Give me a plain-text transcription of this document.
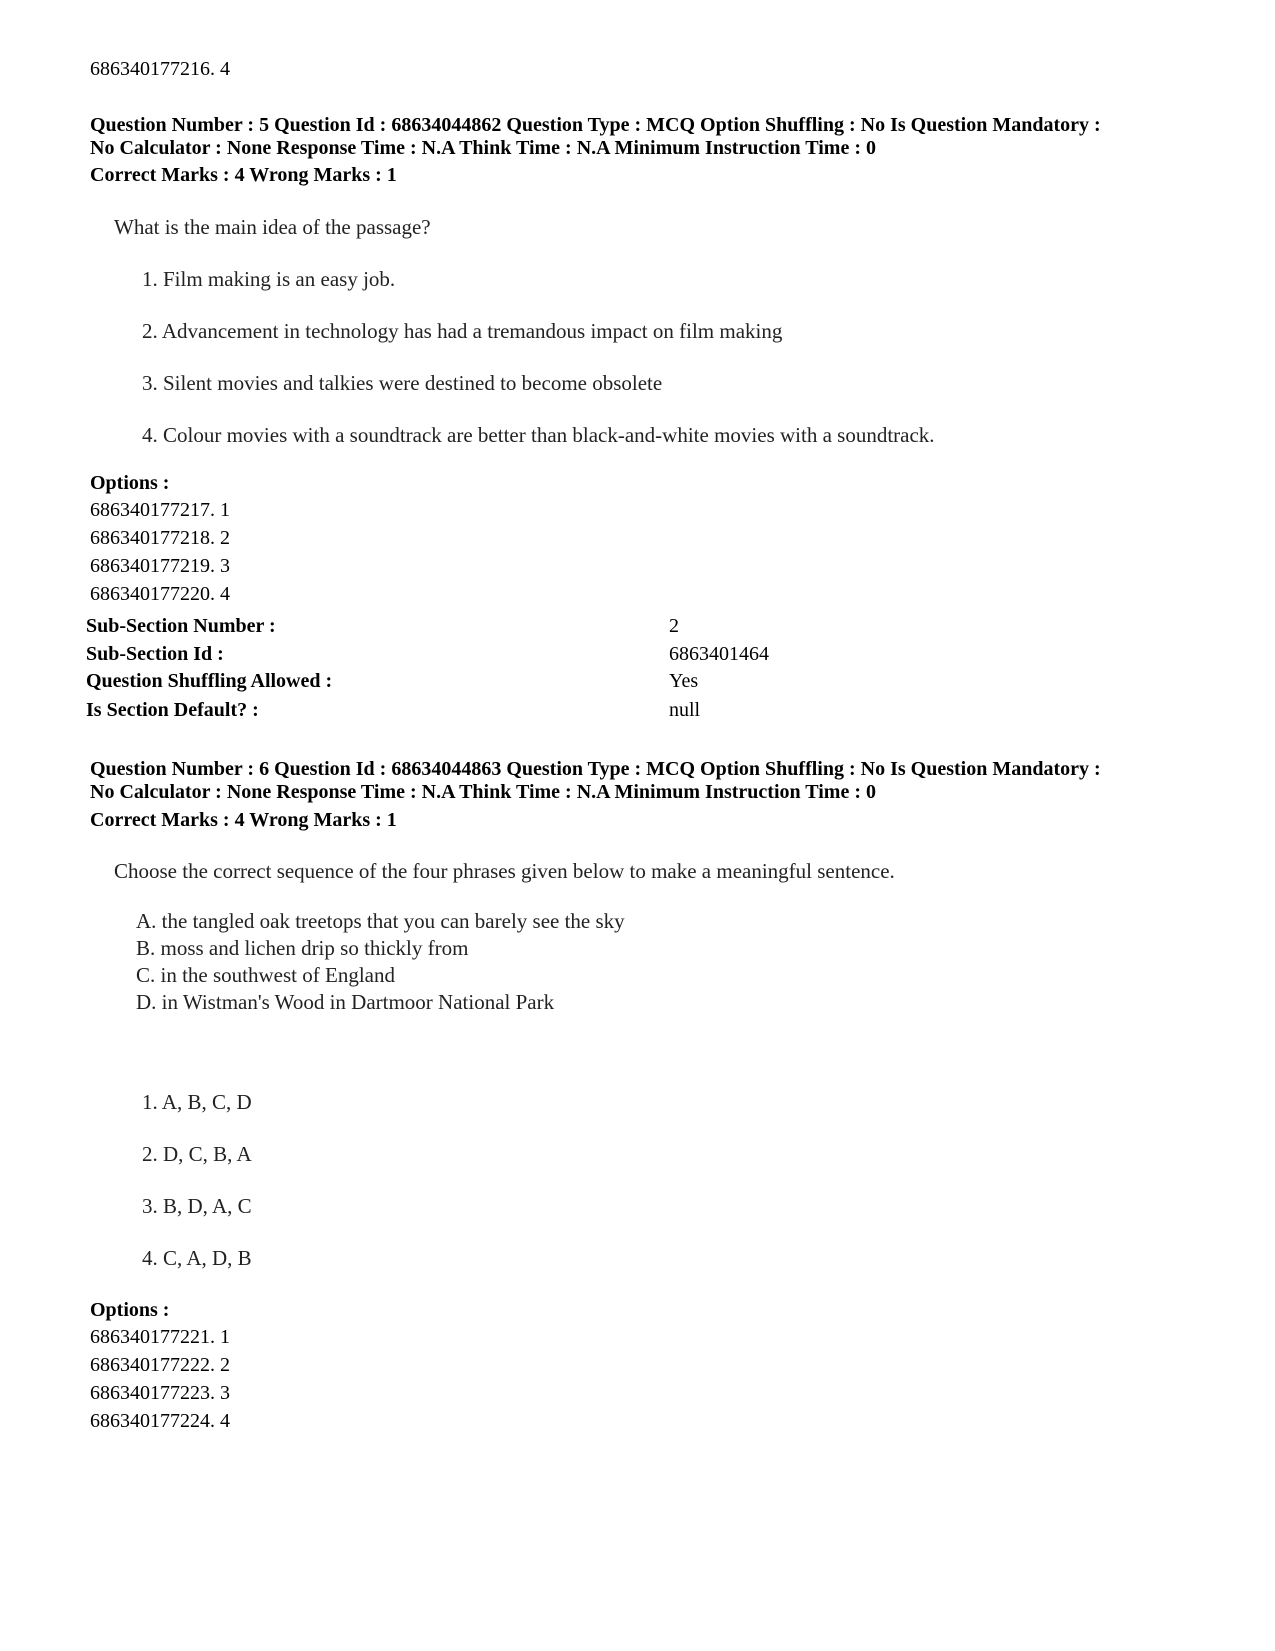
686340177216. 4
Question Number : 5 Question Id : 68634044862 Question Type : MCQ Option Shuffling : No Is Question Mandatory :
No Calculator : None Response Time : N.A Think Time : N.A Minimum Instruction Time : 0
Correct Marks : 4 Wrong Marks : 1
What is the main idea of the passage?
1. Film making is an easy job.
2. Advancement in technology has had a tremandous impact on film making
3. Silent movies and talkies were destined to become obsolete
4. Colour movies with a soundtrack are better than black-and-white movies with a soundtrack.
Options :
686340177217. 1
686340177218. 2
686340177219. 3
686340177220. 4
Sub-Section Number :	2
Sub-Section Id :	6863401464
Question Shuffling Allowed :	Yes
Is Section Default? :	null
Question Number : 6 Question Id : 68634044863 Question Type : MCQ Option Shuffling : No Is Question Mandatory :
No Calculator : None Response Time : N.A Think Time : N.A Minimum Instruction Time : 0
Correct Marks : 4 Wrong Marks : 1
Choose the correct sequence of the four phrases given below to make a meaningful sentence.
A. the tangled oak treetops that you can barely see the sky
B. moss and lichen drip so thickly from
C. in the southwest of England
D. in Wistman's Wood in Dartmoor National Park
1. A, B, C, D
2. D, C, B, A
3. B, D, A, C
4. C, A, D, B
Options :
686340177221. 1
686340177222. 2
686340177223. 3
686340177224. 4
